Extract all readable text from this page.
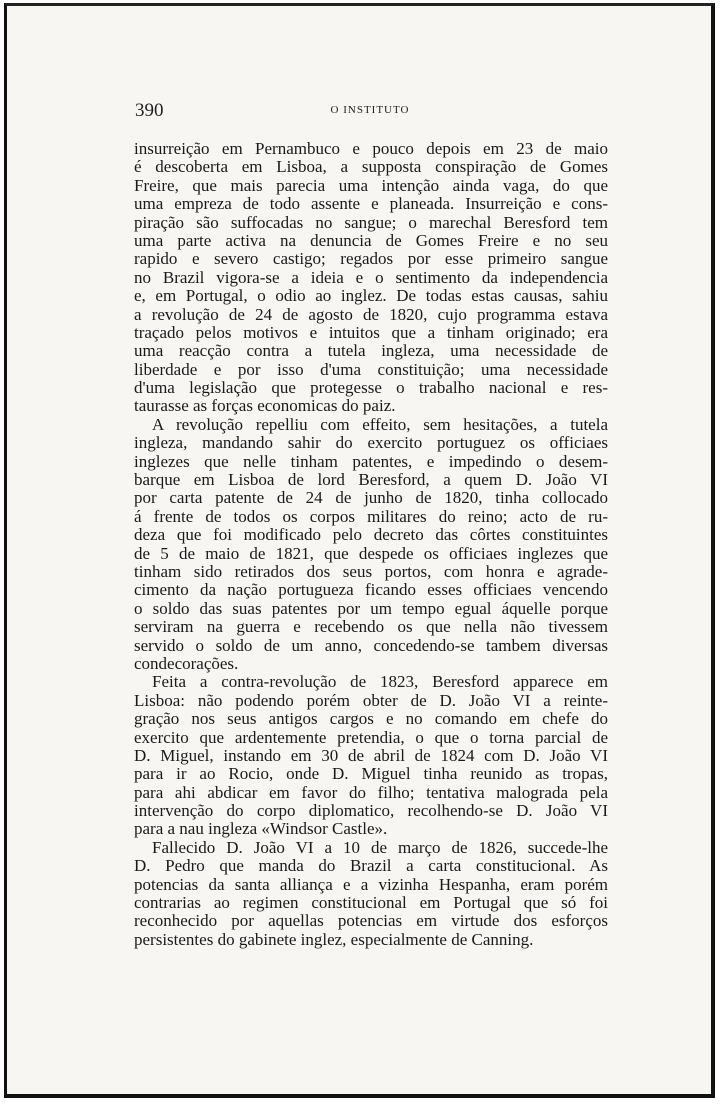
390	O INSTITUTO
insurreição em Pernambuco e pouco depois em 23 de maio
é descoberta em Lisboa, a supposta conspiração de Gomes
Freire, que mais parecia uma intenção ainda vaga, do que
uma empreza de todo assente e planeada. Insurreição e cons-
piração são suffocadas no sangue; o marechal Beresford tem
uma parte activa na denuncia de Gomes Freire e no seu
rapido e severo castigo; regados por esse primeiro sangue
no Brazil vigora-se a ideia e o sentimento da independencia
e, em Portugal, o odio ao inglez. De todas estas causas, sahiu
a revolução de 24 de agosto de 1820, cujo programma estava
traçado pelos motivos e intuitos que a tinham originado; era
uma reacção contra a tutela ingleza, uma necessidade de
liberdade e por isso d'uma constituição; uma necessidade
d'uma legislação que protegesse o trabalho nacional e res-
taurasse as forças economicas do paiz.
A revolução repelliu com effeito, sem hesitações, a tutela
ingleza, mandando sahir do exercito portuguez os officiaes
inglezes que nelle tinham patentes, e impedindo o desem-
barque em Lisboa de lord Beresford, a quem D. João VI
por carta patente de 24 de junho de 1820, tinha collocado
á frente de todos os corpos militares do reino; acto de ru-
deza que foi modificado pelo decreto das côrtes constituintes
de 5 de maio de 1821, que despede os officiaes inglezes que
tinham sido retirados dos seus portos, com honra e agrade-
cimento da nação portugueza ficando esses officiaes vencendo
o soldo das suas patentes por um tempo egual áquelle porque
serviram na guerra e recebendo os que nella não tivessem
servido o soldo de um anno, concedendo-se tambem diversas
condecorações.
Feita a contra-revolução de 1823, Beresford apparece em
Lisboa: não podendo porém obter de D. João VI a reinte-
gração nos seus antigos cargos e no comando em chefe do
exercito que ardentemente pretendia, o que o torna parcial de
D. Miguel, instando em 30 de abril de 1824 com D. João VI
para ir ao Rocio, onde D. Miguel tinha reunido as tropas,
para ahi abdicar em favor do filho; tentativa malograda pela
intervenção do corpo diplomatico, recolhendo-se D. João VI
para a nau ingleza «Windsor Castle».
Fallecido D. João VI a 10 de março de 1826, succede-lhe
D. Pedro que manda do Brazil a carta constitucional. As
potencias da santa alliança e a vizinha Hespanha, eram porém
contrarias ao regimen constitucional em Portugal que só foi
reconhecido por aquellas potencias em virtude dos esforços
persistentes do gabinete inglez, especialmente de Canning.
